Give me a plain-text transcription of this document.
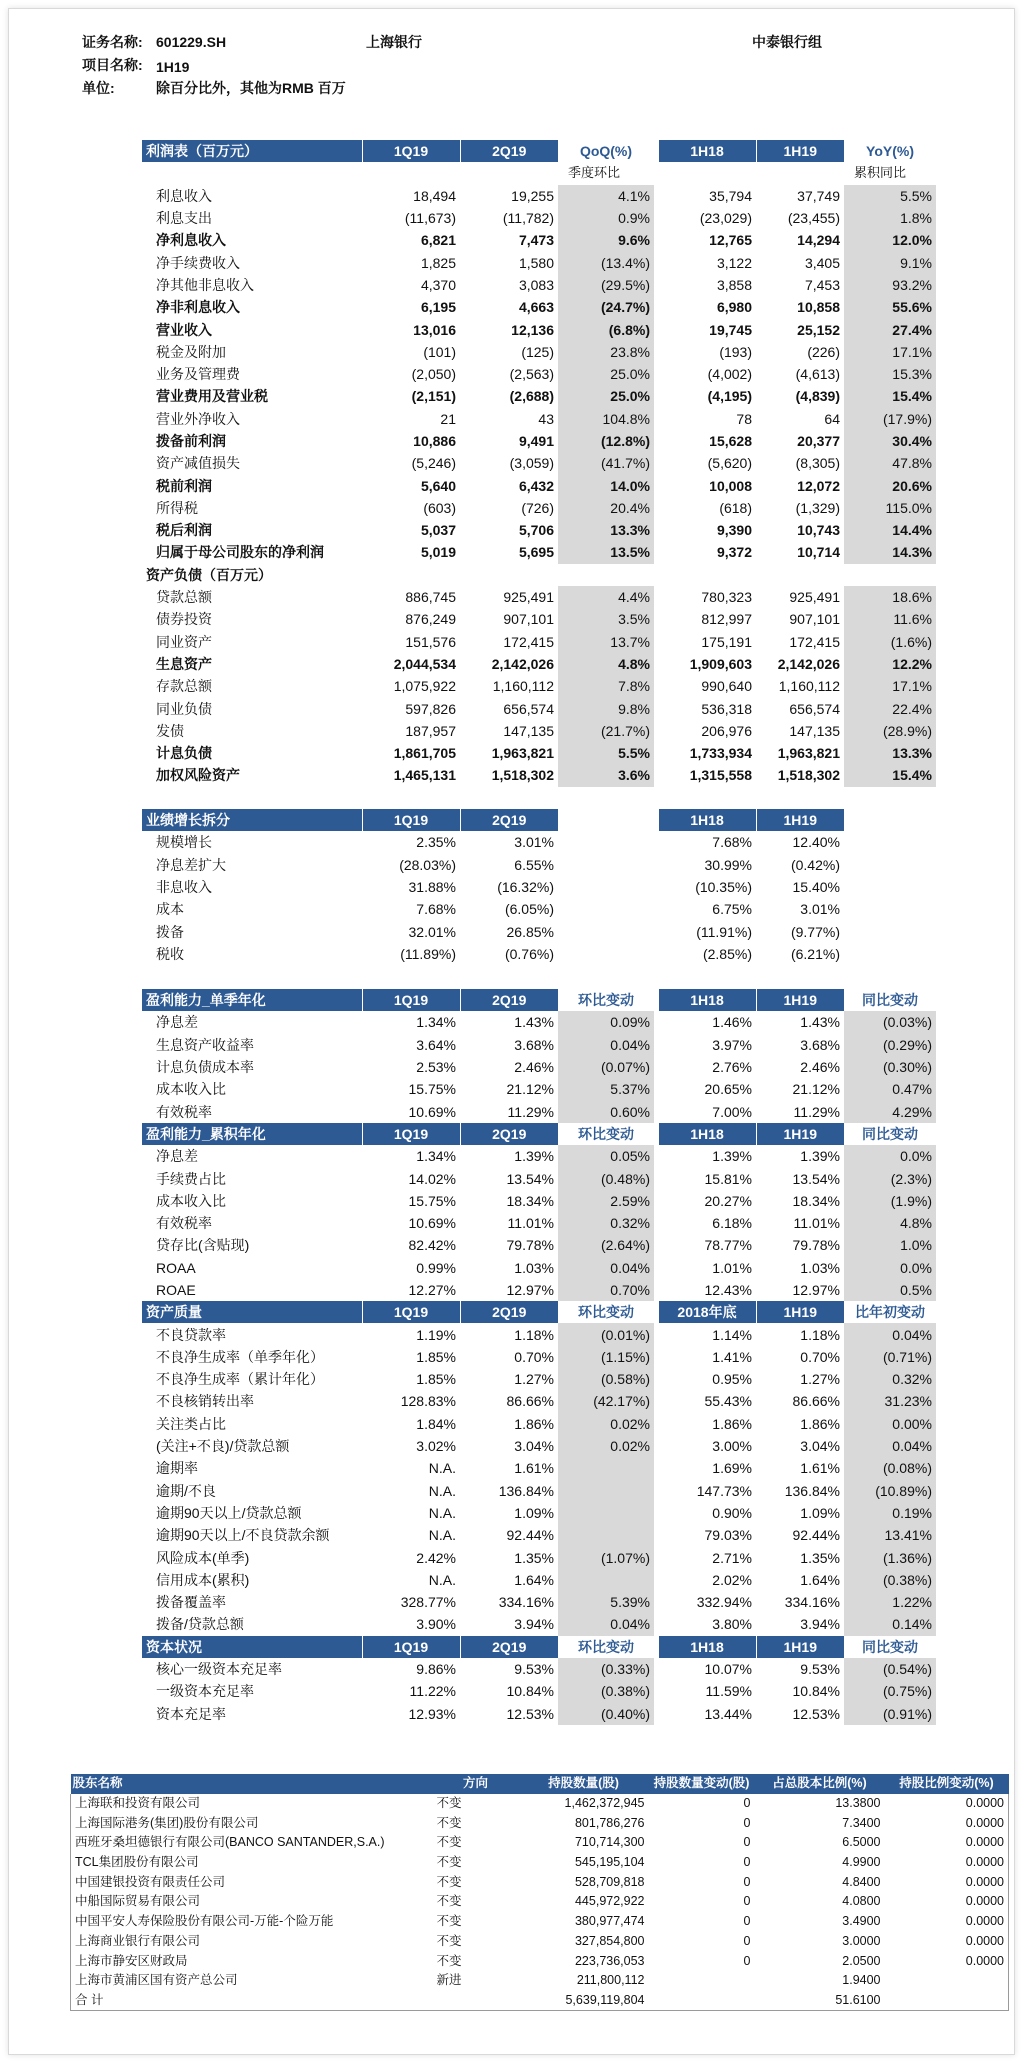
证务名称: 601229.SH	上海银行	中泰银行组
项目名称: 1H19
单位:	除百分比外，其他为RMB 百万
利润表（百万元）	1Q19	2Q19	QoQ(%)		1H18	1H19	YoY(%)
			季度环比				累积同比
利息收入	18,494	19,255	4.1%		35,794	37,749	5.5%
利息支出	(11,673)	(11,782)	0.9%		(23,029)	(23,455)	1.8%
净利息收入	6,821	7,473	9.6%		12,765	14,294	12.0%
净手续费收入	1,825	1,580	(13.4%)		3,122	3,405	9.1%
净其他非息收入	4,370	3,083	(29.5%)		3,858	7,453	93.2%
净非利息收入	6,195	4,663	(24.7%)		6,980	10,858	55.6%
营业收入	13,016	12,136	(6.8%)		19,745	25,152	27.4%
税金及附加	(101)	(125)	23.8%		(193)	(226)	17.1%
业务及管理费	(2,050)	(2,563)	25.0%		(4,002)	(4,613)	15.3%
营业费用及营业税	(2,151)	(2,688)	25.0%		(4,195)	(4,839)	15.4%
营业外净收入	21	43	104.8%		78	64	(17.9%)
拨备前利润	10,886	9,491	(12.8%)		15,628	20,377	30.4%
资产减值损失	(5,246)	(3,059)	(41.7%)		(5,620)	(8,305)	47.8%
税前利润	5,640	6,432	14.0%		10,008	12,072	20.6%
所得税	(603)	(726)	20.4%		(618)	(1,329)	115.0%
税后利润	5,037	5,706	13.3%		9,390	10,743	14.4%
归属于母公司股东的净利润	5,019	5,695	13.5%		9,372	10,714	14.3%
资产负债（百万元）							
贷款总额	886,745	925,491	4.4%		780,323	925,491	18.6%
债券投资	876,249	907,101	3.5%		812,997	907,101	11.6%
同业资产	151,576	172,415	13.7%		175,191	172,415	(1.6%)
生息资产	2,044,534	2,142,026	4.8%		1,909,603	2,142,026	12.2%
存款总额	1,075,922	1,160,112	7.8%		990,640	1,160,112	17.1%
同业负债	597,826	656,574	9.8%		536,318	656,574	22.4%
发债	187,957	147,135	(21.7%)		206,976	147,135	(28.9%)
计息负债	1,861,705	1,963,821	5.5%		1,733,934	1,963,821	13.3%
加权风险资产	1,465,131	1,518,302	3.6%		1,315,558	1,518,302	15.4%
业绩增长拆分	1Q19	2Q19			1H18	1H19	
规模增长	2.35%	3.01%			7.68%	12.40%	
净息差扩大	(28.03%)	6.55%			30.99%	(0.42%)	
非息收入	31.88%	(16.32%)			(10.35%)	15.40%	
成本	7.68%	(6.05%)			6.75%	3.01%	
拨备	32.01%	26.85%			(11.91%)	(9.77%)	
税收	(11.89%)	(0.76%)			(2.85%)	(6.21%)	
盈利能力_单季年化	1Q19	2Q19	环比变动		1H18	1H19	同比变动
净息差	1.34%	1.43%	0.09%		1.46%	1.43%	(0.03%)
生息资产收益率	3.64%	3.68%	0.04%		3.97%	3.68%	(0.29%)
计息负债成本率	2.53%	2.46%	(0.07%)		2.76%	2.46%	(0.30%)
成本收入比	15.75%	21.12%	5.37%		20.65%	21.12%	0.47%
有效税率	10.69%	11.29%	0.60%		7.00%	11.29%	4.29%
盈利能力_累积年化	1Q19	2Q19	环比变动		1H18	1H19	同比变动
净息差	1.34%	1.39%	0.05%		1.39%	1.39%	0.0%
手续费占比	14.02%	13.54%	(0.48%)		15.81%	13.54%	(2.3%)
成本收入比	15.75%	18.34%	2.59%		20.27%	18.34%	(1.9%)
有效税率	10.69%	11.01%	0.32%		6.18%	11.01%	4.8%
贷存比(含贴现)	82.42%	79.78%	(2.64%)		78.77%	79.78%	1.0%
ROAA	0.99%	1.03%	0.04%		1.01%	1.03%	0.0%
ROAE	12.27%	12.97%	0.70%		12.43%	12.97%	0.5%
资产质量	1Q19	2Q19	环比变动		2018年底	1H19	比年初变动
不良贷款率	1.19%	1.18%	(0.01%)		1.14%	1.18%	0.04%
不良净生成率（单季年化）	1.85%	0.70%	(1.15%)		1.41%	0.70%	(0.71%)
不良净生成率（累计年化）	1.85%	1.27%	(0.58%)		0.95%	1.27%	0.32%
不良核销转出率	128.83%	86.66%	(42.17%)		55.43%	86.66%	31.23%
关注类占比	1.84%	1.86%	0.02%		1.86%	1.86%	0.00%
(关注+不良)/贷款总额	3.02%	3.04%	0.02%		3.00%	3.04%	0.04%
逾期率	N.A.	1.61%			1.69%	1.61%	(0.08%)
逾期/不良	N.A.	136.84%			147.73%	136.84%	(10.89%)
逾期90天以上/贷款总额	N.A.	1.09%			0.90%	1.09%	0.19%
逾期90天以上/不良贷款余额	N.A.	92.44%			79.03%	92.44%	13.41%
风险成本(单季)	2.42%	1.35%	(1.07%)		2.71%	1.35%	(1.36%)
信用成本(累积)	N.A.	1.64%			2.02%	1.64%	(0.38%)
拨备覆盖率	328.77%	334.16%	5.39%		332.94%	334.16%	1.22%
拨备/贷款总额	3.90%	3.94%	0.04%		3.80%	3.94%	0.14%
资本状况	1Q19	2Q19	环比变动		1H18	1H19	同比变动
核心一级资本充足率	9.86%	9.53%	(0.33%)		10.07%	9.53%	(0.54%)
一级资本充足率	11.22%	10.84%	(0.38%)		11.59%	10.84%	(0.75%)
资本充足率	12.93%	12.53%	(0.40%)		13.44%	12.53%	(0.91%)
股东名称	方向	持股数量(股)	持股数量变动(股)	占总股本比例(%)	持股比例变动(%)
上海联和投资有限公司	不变	1,462,372,945	0	13.3800	0.0000
上海国际港务(集团)股份有限公司	不变	801,786,276	0	7.3400	0.0000
西班牙桑坦德银行有限公司(BANCO SANTANDER,S.A.)	不变	710,714,300	0	6.5000	0.0000
TCL集团股份有限公司	不变	545,195,104	0	4.9900	0.0000
中国建银投资有限责任公司	不变	528,709,818	0	4.8400	0.0000
中船国际贸易有限公司	不变	445,972,922	0	4.0800	0.0000
中国平安人寿保险股份有限公司-万能-个险万能	不变	380,977,474	0	3.4900	0.0000
上海商业银行有限公司	不变	327,854,800	0	3.0000	0.0000
上海市静安区财政局	不变	223,736,053	0	2.0500	0.0000
上海市黄浦区国有资产总公司	新进	211,800,112		1.9400	
合 计		5,639,119,804		51.6100	
